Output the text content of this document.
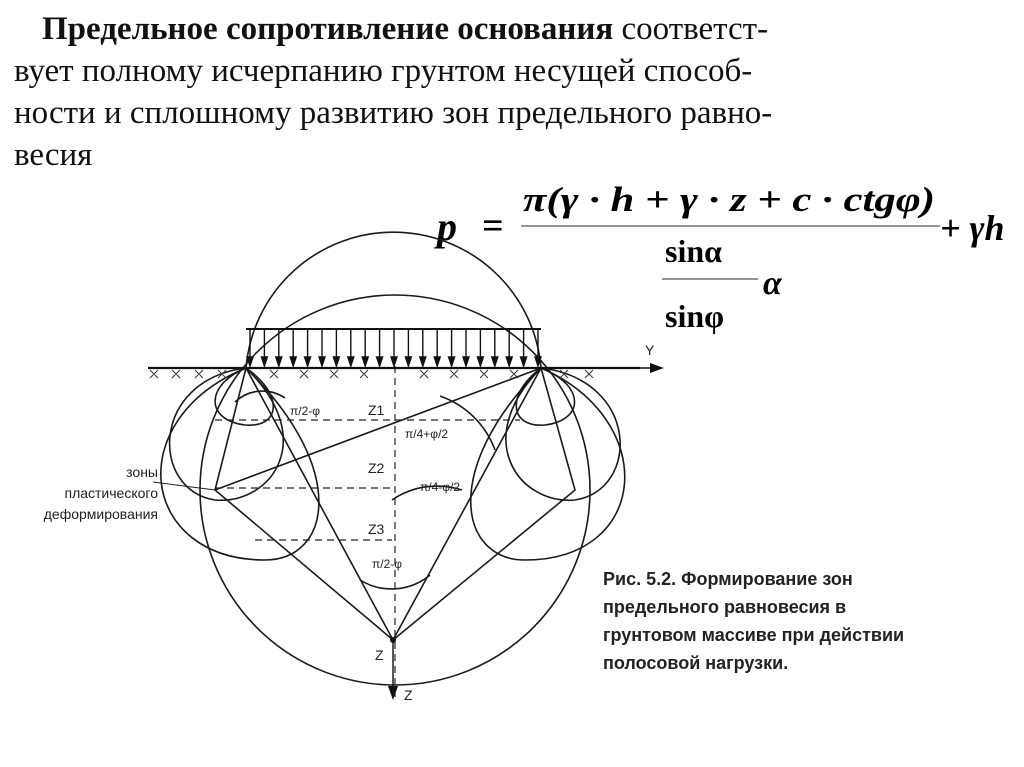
Предельное сопротивление основания соответст-
вует полному исчерпанию грунтом несущей способ-
ности и сплошному развитию зон предельного равно-
весия
p =
π(γ · h + γ · z + c · ctgφ)
sinα
sinφ
α
+ γh
Y
Z
Z
Z1
Z2
Z3
π/2-φ
π/4+φ/2
π/4-φ/2
π/2-φ
зоны
пластического
деформирования
Рис. 5.2. Формирование зон
предельного равновесия в
грунтовом массиве при действии
полосовой нагрузки.
